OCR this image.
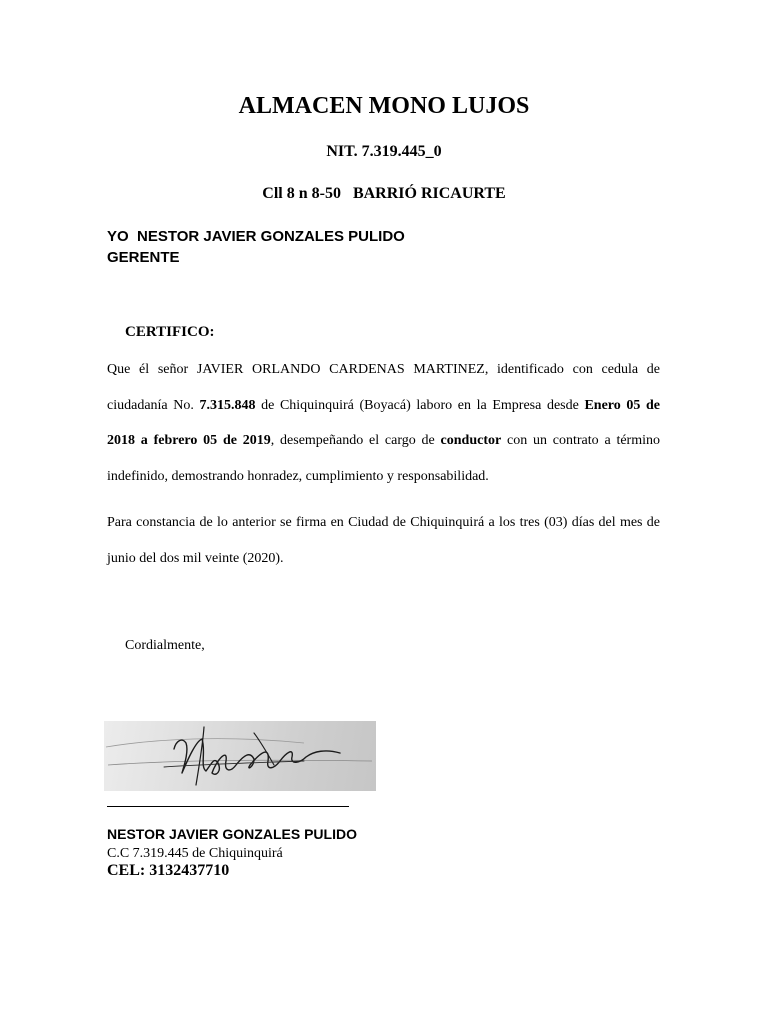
ALMACEN MONO LUJOS
NIT. 7.319.445_0
Cll 8 n 8-50   BARRIÓ RICAURTE
YO  NESTOR JAVIER GONZALES PULIDO
GERENTE
CERTIFICO:
Que él señor JAVIER ORLANDO CARDENAS MARTINEZ, identificado con cedula de ciudadanía No. 7.315.848 de Chiquinquirá (Boyacá) laboro en la Empresa desde Enero 05 de 2018 a febrero 05 de 2019, desempeñando el cargo de conductor con un contrato a término indefinido, demostrando honradez, cumplimiento y responsabilidad.
Para constancia de lo anterior se firma en Ciudad de Chiquinquirá a los tres (03) días del mes de junio del dos mil veinte (2020).
Cordialmente,
NESTOR JAVIER GONZALES PULIDO
C.C 7.319.445 de Chiquinquirá
CEL: 3132437710
